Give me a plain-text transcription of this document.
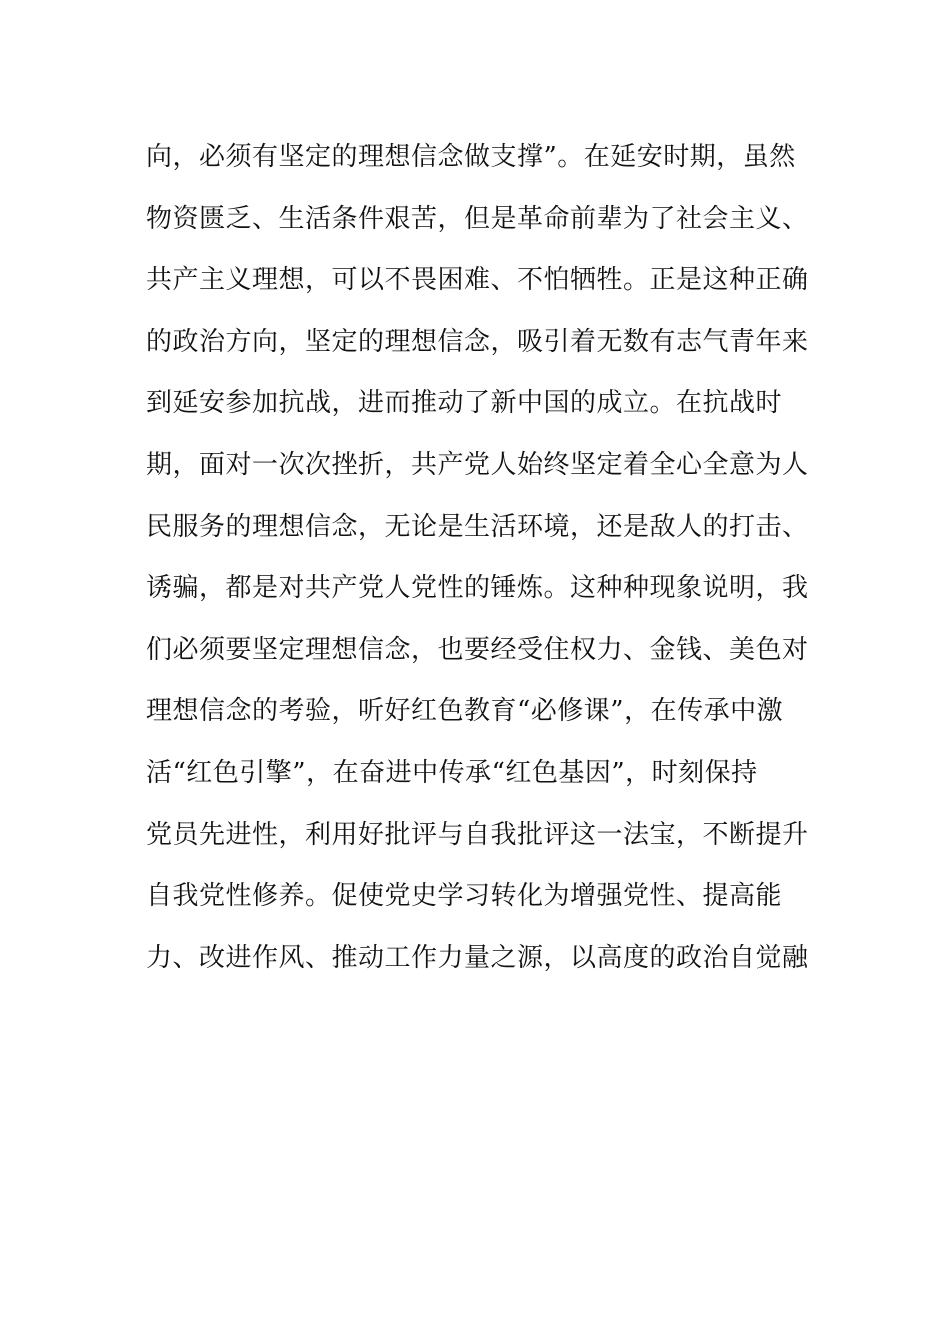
向，必须有坚定的理想信念做支撑”。在延安时期，虽然
物资匮乏、生活条件艰苦，但是革命前辈为了社会主义、
共产主义理想，可以不畏困难、不怕牺牲。正是这种正确
的政治方向，坚定的理想信念，吸引着无数有志气青年来
到延安参加抗战，进而推动了新中国的成立。在抗战时
期，面对一次次挫折，共产党人始终坚定着全心全意为人
民服务的理想信念，无论是生活环境，还是敌人的打击、
诱骗，都是对共产党人党性的锤炼。这种种现象说明，我
们必须要坚定理想信念，也要经受住权力、金钱、美色对
理想信念的考验，听好红色教育“必修课”，在传承中激
活“红色引擎”，在奋进中传承“红色基因”，时刻保持
党员先进性，利用好批评与自我批评这一法宝，不断提升
自我党性修养。促使党史学习转化为增强党性、提高能
力、改进作风、推动工作力量之源，以高度的政治自觉融
